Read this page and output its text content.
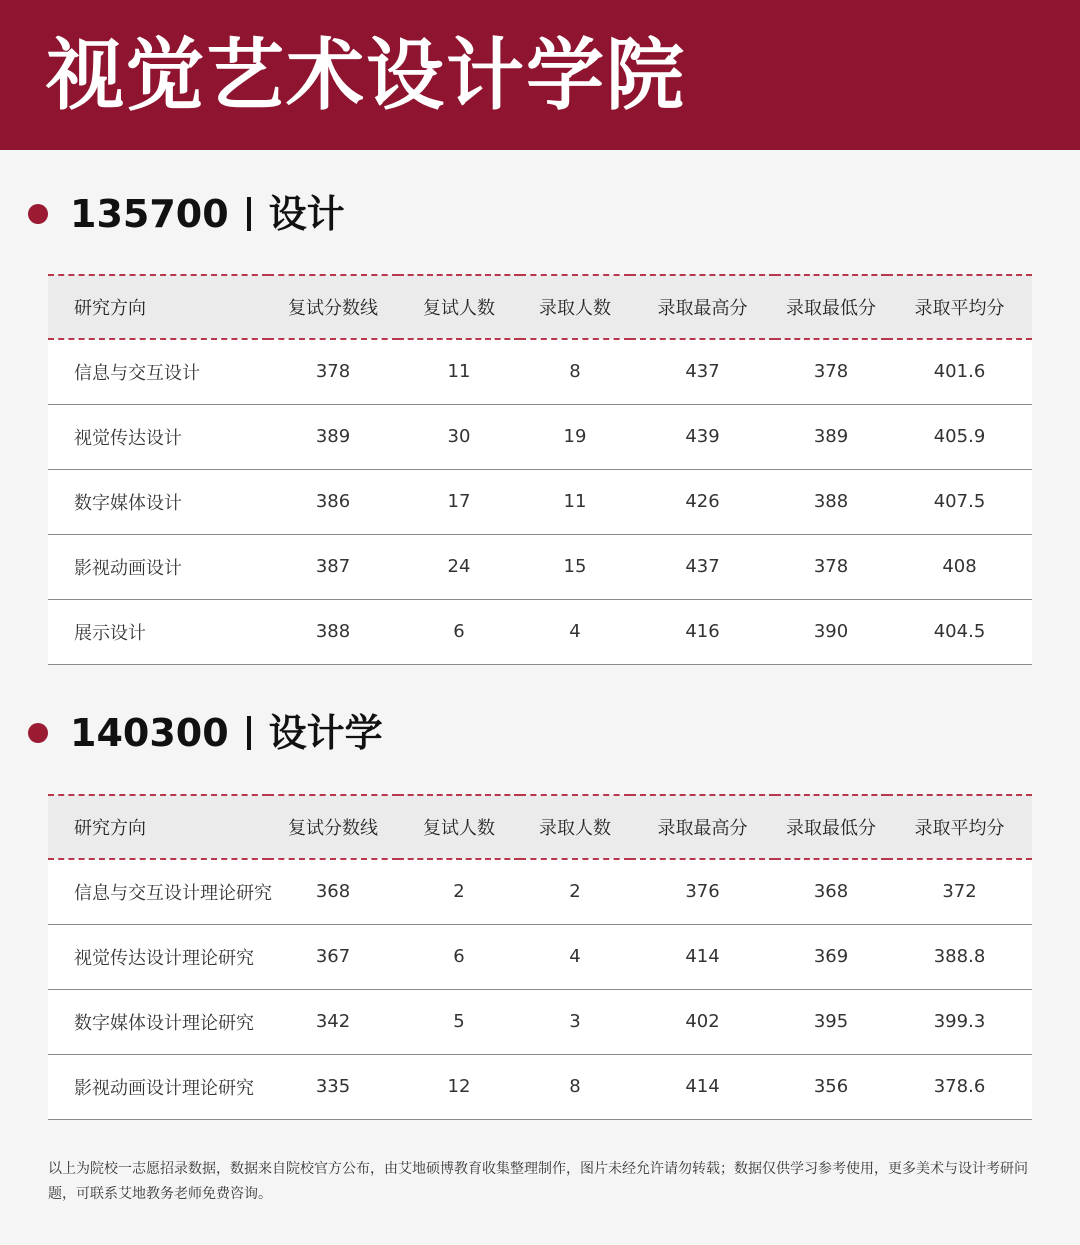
视觉艺术设计学院
135700 设计
研究方向	复试分数线	复试人数	录取人数	录取最高分	录取最低分	录取平均分
信息与交互设计	378	11	8	437	378	401.6
视觉传达设计	389	30	19	439	389	405.9
数字媒体设计	386	17	11	426	388	407.5
影视动画设计	387	24	15	437	378	408
展示设计	388	6	4	416	390	404.5
140300 设计学
研究方向	复试分数线	复试人数	录取人数	录取最高分	录取最低分	录取平均分
信息与交互设计理论研究	368	2	2	376	368	372
视觉传达设计理论研究	367	6	4	414	369	388.8
数字媒体设计理论研究	342	5	3	402	395	399.3
影视动画设计理论研究	335	12	8	414	356	378.6
以上为院校一志愿招录数据，数据来自院校官方公布，由艾地硕博教育收集整理制作，图片未经允许请勿转载；数据仅供学习参考使用，更多美术与设计考研问题，可联系艾地教务老师免费咨询。
